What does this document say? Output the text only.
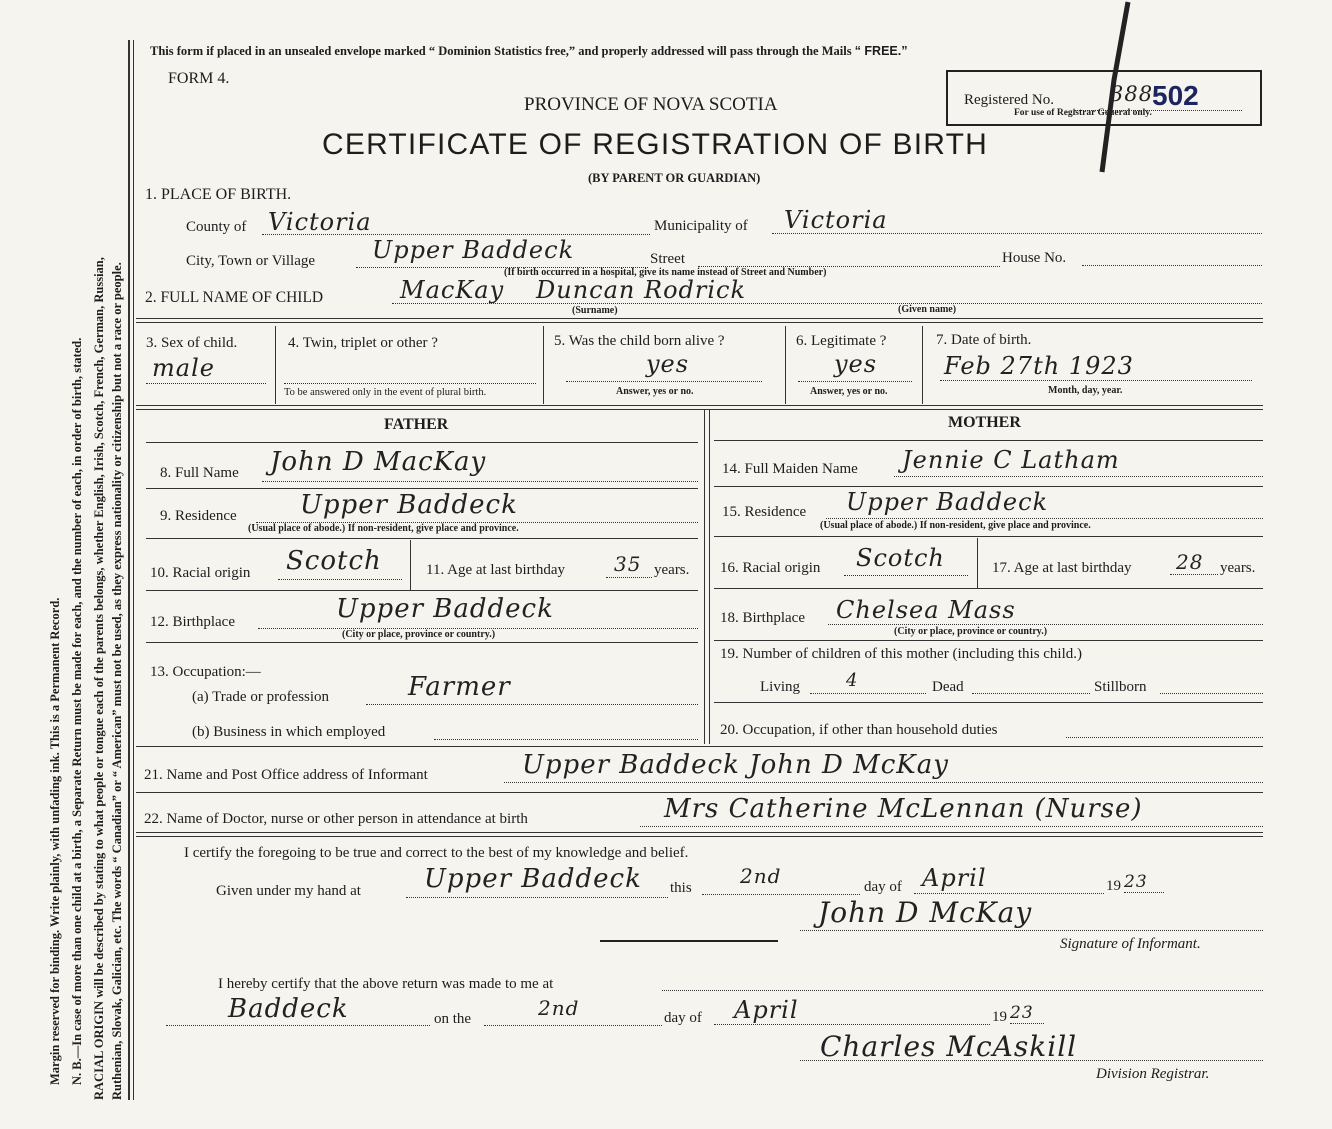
Margin reserved for binding. Write plainly, with unfading ink. This is a Permanent Record. N. B.—In case of more than one child at a birth, a Separate Return must be made for each, and the number of each, in order of birth, stated. RACIAL ORIGIN will be described by stating to what people or tongue each of the parents belongs, whether English, Irish, Scotch, French, German, Russian, Ruthenian, Slovak, Galician, etc. The words “ Canadian” or “ American” must not be used, as they express nationality or citizenship but not a race or people.
This form if placed in an unsealed envelope marked “ Dominion Statistics free,” and properly addressed will pass through the Mails “ FREE.”
FORM 4.
PROVINCE OF NOVA SCOTIA
CERTIFICATE OF REGISTRATION OF BIRTH
(BY PARENT OR GUARDIAN)
Registered No.	388
502
For use of Registrar General only.
1. PLACE OF BIRTH.
County of Victoria	Municipality of Victoria
City, Town or Village Upper Baddeck	Street	House No.
(If birth occurred in a hospital, give its name instead of Street and Number)
2. FULL NAME OF CHILD	MacKay Duncan Rodrick
(Surname)	(Given name)
3. Sex of child.
male
4. Twin, triplet or other ?
To be answered only in the event of plural birth.
5. Was the child born alive ?
yes
Answer, yes or no.
6. Legitimate ?
yes
Answer, yes or no.
7. Date of birth.
Feb 27th 1923
Month, day, year.
FATHER
8. Full Name John D MacKay
9. Residence Upper Baddeck
(Usual place of abode.) If non-resident, give place and province.
10. Racial origin Scotch	11. Age at last birthday 35 years.
12. Birthplace	Upper Baddeck
(City or place, province or country.)
13. Occupation:—
(a) Trade or profession	Farmer
(b) Business in which employed
MOTHER
14. Full Maiden Name Jennie C Latham
15. Residence Upper Baddeck
(Usual place of abode.) If non-resident, give place and province.
16. Racial origin Scotch	17. Age at last birthday 28 years.
18. Birthplace Chelsea Mass
(City or place, province or country.)
19. Number of children of this mother (including this child.)
Living	4	Dead	Stillborn
20. Occupation, if other than household duties
21. Name and Post Office address of Informant	Upper Baddeck John D McKay
22. Name of Doctor, nurse or other person in attendance at birth	Mrs Catherine McLennan (Nurse)
I certify the foregoing to be true and correct to the best of my knowledge and belief.
Given under my hand at Upper Baddeck this 2nd	day of April	19 23
John D McKay
Signature of Informant.
I hereby certify that the above return was made to me at
Baddeck	on the	2nd	day of April	19 23
Charles McAskill
Division Registrar.
